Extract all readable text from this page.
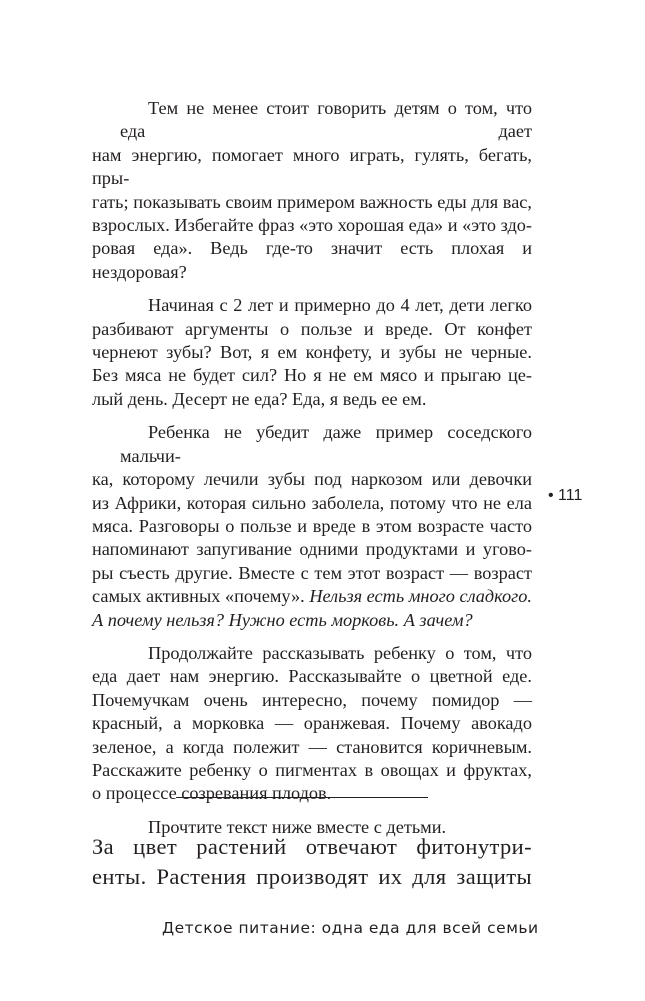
Тем не менее стоит говорить детям о том, что еда дает
нам энергию, помогает много играть, гулять, бегать, пры-
гать; показывать своим примером важность еды для вас,
взрослых. Избегайте фраз «это хорошая еда» и «это здо-
ровая еда». Ведь где-то значит есть плохая и нездоровая?
Начиная с 2 лет и примерно до 4 лет, дети легко
разбивают аргументы о пользе и вреде. От конфет
чернеют зубы? Вот, я ем конфету, и зубы не черные.
Без мяса не будет сил? Но я не ем мясо и прыгаю це-
лый день. Десерт не еда? Еда, я ведь ее ем.
Ребенка не убедит даже пример соседского мальчи-
ка, которому лечили зубы под наркозом или девочки
из Африки, которая сильно заболела, потому что не ела
мяса. Разговоры о пользе и вреде в этом возрасте часто
напоминают запугивание одними продуктами и угово-
ры съесть другие. Вместе с тем этот возраст — возраст
самых активных «почему». Нельзя есть много сладкого.
А почему нельзя? Нужно есть морковь. А зачем?
Продолжайте рассказывать ребенку о том, что
еда дает нам энергию. Рассказывайте о цветной еде.
Почемучкам очень интересно, почему помидор —
красный, а морковка — оранжевая. Почему авокадо
зеленое, а когда полежит — становится коричневым.
Расскажите ребенку о пигментах в овощах и фруктах,
о процессе созревания плодов.
Прочтите текст ниже вместе с детьми.
• 111
За цвет растений отвечают фитонутри-
енты. Растения производят их для защиты
Детское питание: одна еда для всей семьи
